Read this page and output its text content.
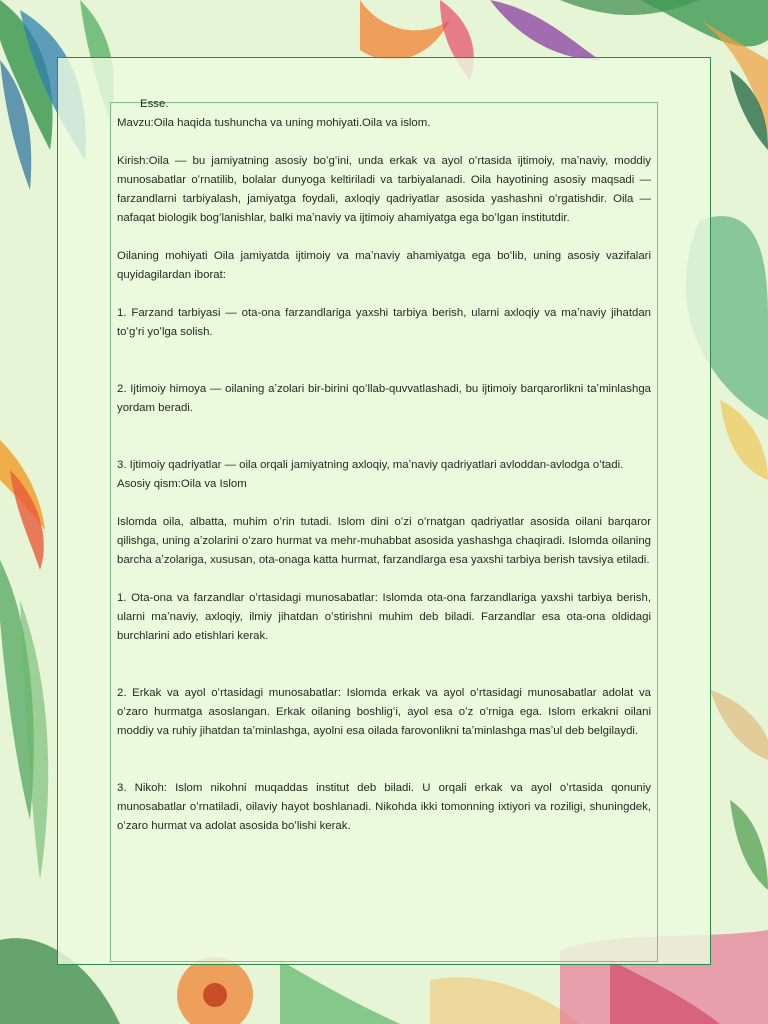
Esse.

Mavzu:Oila haqida tushuncha va uning mohiyati.Oila va islom.

Kirish:Oila — bu jamiyatning asosiy boʻgʻini, unda erkak va ayol oʻrtasida ijtimoiy, maʼnaviy, moddiy munosabatlar oʻrnatilib, bolalar dunyoga keltiriladi va tarbiyalanadi. Oila hayotining asosiy maqsadi — farzandlarni tarbiyalash, jamiyatga foydali, axloqiy qadriyatlar asosida yashashni oʻrgatishdir. Oila — nafaqat biologik bogʻlanishlar, balki maʼnaviy va ijtimoiy ahamiyatga ega boʻlgan institutdir.

Oilaning mohiyati Oila jamiyatda ijtimoiy va maʼnaviy ahamiyatga ega boʻlib, uning asosiy vazifalari quyidagilardan iborat:

1. Farzand tarbiyasi — ota-ona farzandlariga yaxshi tarbiya berish, ularni axloqiy va maʼnaviy jihatdan toʻgʻri yoʻlga solish.

2. Ijtimoiy himoya — oilaning aʼzolari bir-birini qoʻllab-quvvatlashadi, bu ijtimoiy barqarorlikni taʼminlashga yordam beradi.

3. Ijtimoiy qadriyatlar — oila orqali jamiyatning axloqiy, maʼnaviy qadriyatlari avloddan-avlodga oʻtadi.

Asosiy qism:Oila va Islom

Islomda oila, albatta, muhim oʻrin tutadi. Islom dini oʻzi oʻrnatgan qadriyatlar asosida oilani barqaror qilishga, uning aʼzolarini oʻzaro hurmat va mehr-muhabbat asosida yashashga chaqiradi. Islomda oilaning barcha aʼzolariga, xususan, ota-onaga katta hurmat, farzandlarga esa yaxshi tarbiya berish tavsiya etiladi.

1. Ota-ona va farzandlar oʻrtasidagi munosabatlar: Islomda ota-ona farzandlariga yaxshi tarbiya berish, ularni maʼnaviy, axloqiy, ilmiy jihatdan oʻstirishni muhim deb biladi. Farzandlar esa ota-ona oldidagi burchlarini ado etishlari kerak.

2. Erkak va ayol oʻrtasidagi munosabatlar: Islomda erkak va ayol oʻrtasidagi munosabatlar adolat va oʻzaro hurmatga asoslangan. Erkak oilaning boshligʻi, ayol esa oʻz oʻrniga ega. Islom erkakni oilani moddiy va ruhiy jihatdan taʼminlashga, ayolni esa oilada farovonlikni taʼminlashga masʼul deb belgilaydi.

3. Nikoh: Islom nikohni muqaddas institut deb biladi. U orqali erkak va ayol oʻrtasida qonuniy munosabatlar oʻrnatiladi, oilaviy hayot boshlanadi. Nikohda ikki tomonning ixtiyori va roziligi, shuningdek, oʻzaro hurmat va adolat asosida boʻlishi kerak.
